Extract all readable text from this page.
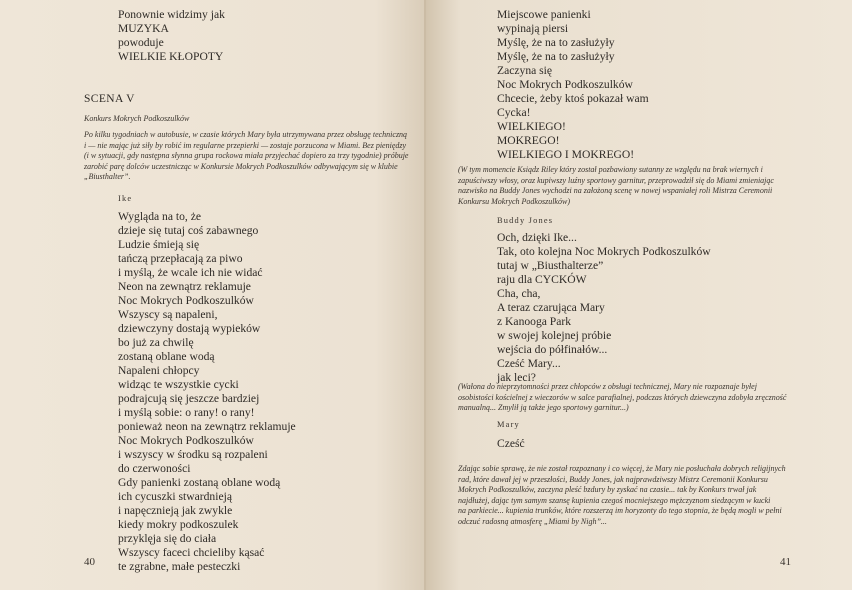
Ponownie widzimy jak
MUZYKA
powoduje
WIELKIE KŁOPOTY
SCENA V
Konkurs Mokrych Podkoszulków
Po kilku tygodniach w autobusie, w czasie których Mary była utrzymywana przez obsługę techniczną
i — nie mając już siły by robić im regularne przepierki — zostaje porzucona w Miami. Bez pieniędzy
(i w sytuacji, gdy następna słynna grupa rockowa miała przyjechać dopiero za trzy tygodnie) próbuje
zarobić parę dolców uczestnicząc w Konkursie Mokrych Podkoszulków odbywającym się w klubie
„Biusthalter”.
Ike
Wygląda na to, że
dzieje się tutaj coś zabawnego
Ludzie śmieją się
tańczą przepłacają za piwo
i myślą, że wcale ich nie widać
Neon na zewnątrz reklamuje
Noc Mokrych Podkoszulków
Wszyscy są napaleni,
dziewczyny dostają wypieków
bo już za chwilę
zostaną oblane wodą
Napaleni chłopcy
widząc te wszystkie cycki
podrajcują się jeszcze bardziej
i myślą sobie: o rany! o rany!
ponieważ neon na zewnątrz reklamuje
Noc Mokrych Podkoszulków
i wszyscy w środku są rozpaleni
do czerwoności
Gdy panienki zostaną oblane wodą
ich cycuszki stwardnieją
i napęcznieją jak zwykle
kiedy mokry podkoszulek
przyklęja się do ciała
Wszyscy faceci chcieliby kąsać
te zgrabne, małe pesteczki
40
Miejscowe panienki
wypinają piersi
Myślę, że na to zasłużyły
Myślę, że na to zasłużyły
Zaczyna się
Noc Mokrych Podkoszulków
Chcecie, żeby ktoś pokazał wam
Cycka!
WIELKIEGO!
MOKREGO!
WIELKIEGO I MOKREGO!
(W tym momencie Ksiądz Riley który został pozbawiony sutanny ze względu na brak wiernych i
zapuściwszy włosy, oraz kupiwszy luźny sportowy garnitur, przeprowadził się do Miami zmieniając
nazwisko na Buddy Jones wychodzi na założoną scenę w nowej wspaniałej roli Mistrza Ceremonii
Konkursu Mokrych Podkoszulków)
Buddy Jones
Och, dzięki Ike...
Tak, oto kolejna Noc Mokrych Podkoszulków
tutaj w „Biusthalterze”
raju dla CYCKÓW
Cha, cha,
A teraz czarująca Mary
z Kanooga Park
w swojej kolejnej próbie
wejścia do półfinałów...
Cześć Mary...
jak leci?
(Wałona do nieprzytomności przez chłopców z obsługi technicznej, Mary nie rozpoznaje byłej
osobistości kościelnej z wieczorów w salce parafialnej, podczas których dziewczyna zdobyła zręczność
manualną... Zmylił ją także jego sportowy garnitur...)
Mary
Cześć
Zdając sobie sprawę, że nie został rozpoznany i co więcej, że Mary nie posłuchała dobrych religijnych
rad, które dawał jej w przeszłości, Buddy Jones, jak najprawdziwszy Mistrz Ceremonii Konkursu
Mokrych Podkoszulków, zaczyna pleść bzdury by zyskać na czasie... tak by Konkurs trwał jak
najdłużej, dając tym samym szansę kupienia czegoś mocniejszego mężczyznom siedzącym w kucki
na parkiecie... kupienia trunków, które rozszerzą im horyzonty do tego stopnia, że będą mogli w pełni
odczuć radosną atmosferę „Miami by Nigh”...
41
